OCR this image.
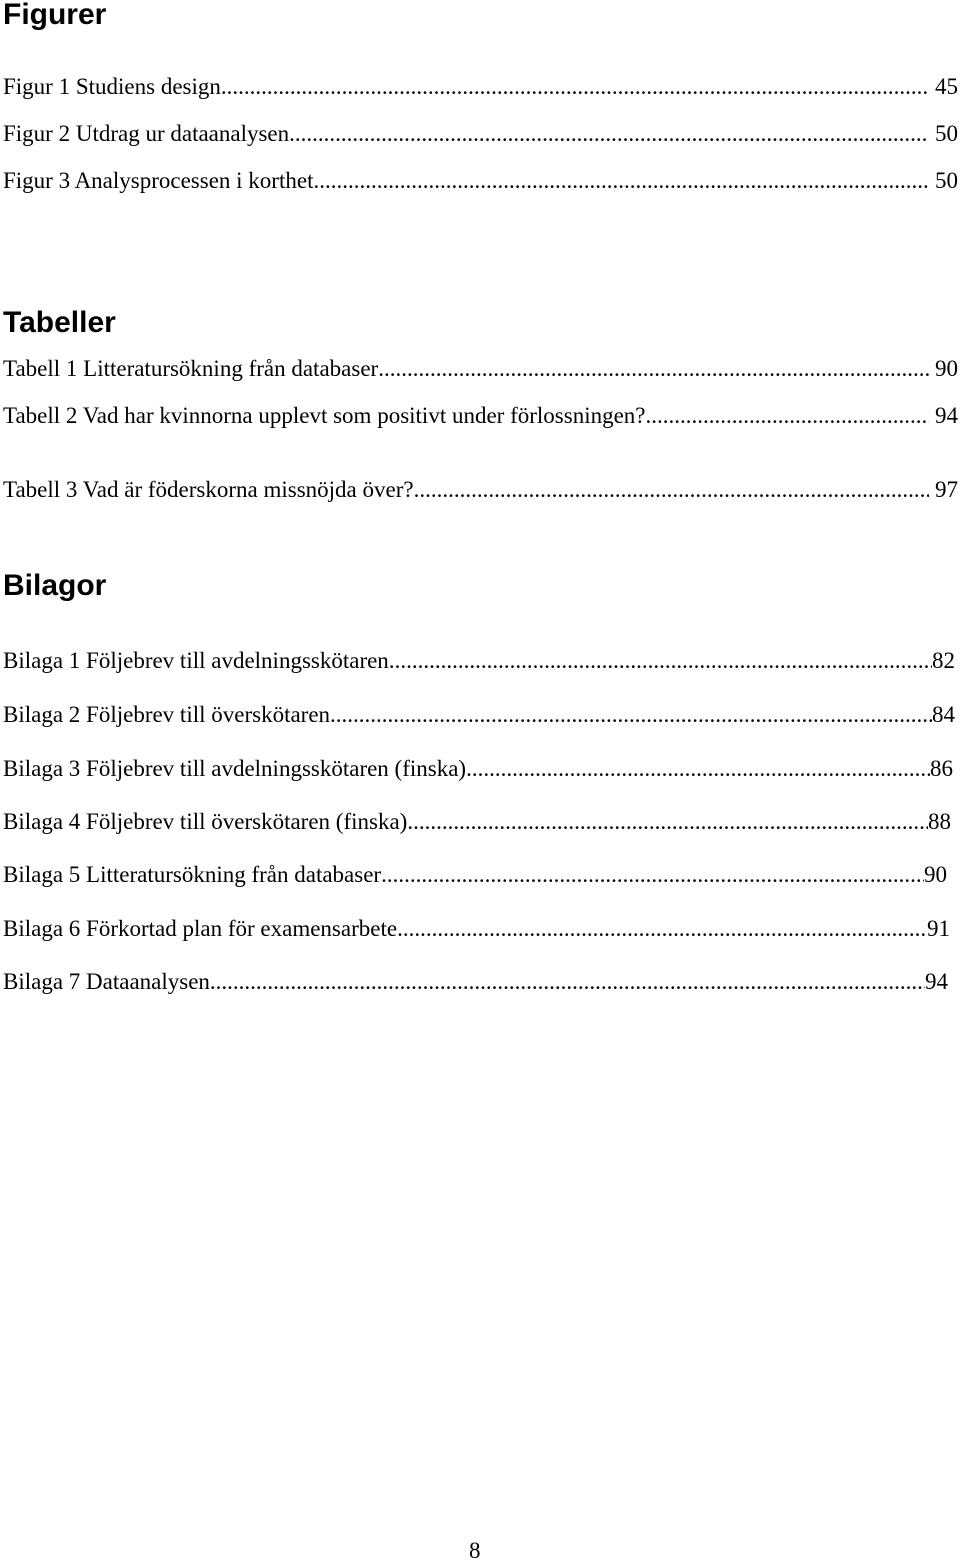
Figurer
Figur 1 Studiens design .....	45
Figur 2 Utdrag ur dataanalysen .....	50
Figur 3 Analysprocessen i korthet .....	50
Tabeller
Tabell 1 Litteratursökning från databaser .....	90
Tabell 2 Vad har kvinnorna upplevt som positivt under förlossningen? .....	94
Tabell 3 Vad är föderskorna missnöjda över? .....	97
Bilagor
Bilaga 1 Följebrev till avdelningsskötaren .....	82
Bilaga 2 Följebrev till överskötaren .....	84
Bilaga 3 Följebrev till avdelningsskötaren (finska) .....	86
Bilaga 4 Följebrev till överskötaren (finska) .....	88
Bilaga 5 Litteratursökning från databaser .....	90
Bilaga 6 Förkortad plan för examensarbete .....	91
Bilaga 7 Dataanalysen .....	94
8
